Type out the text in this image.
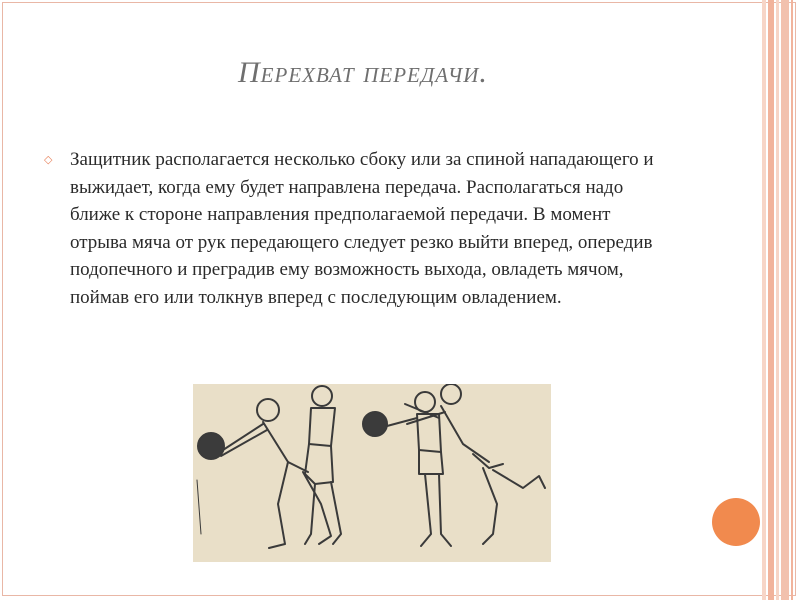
Перехват передачи.
◇ Защитник располагается несколько сбоку или за спиной нападающего и выжидает, когда ему будет направлена передача. Располагаться надо ближе к стороне направления предполагаемой передачи. В момент отрыва мяча от рук передающего следует резко выйти вперед, опередив подопечного и преградив ему возможность выхода, овладеть мячом, поймав его или толкнув вперед с последующим овладением.
